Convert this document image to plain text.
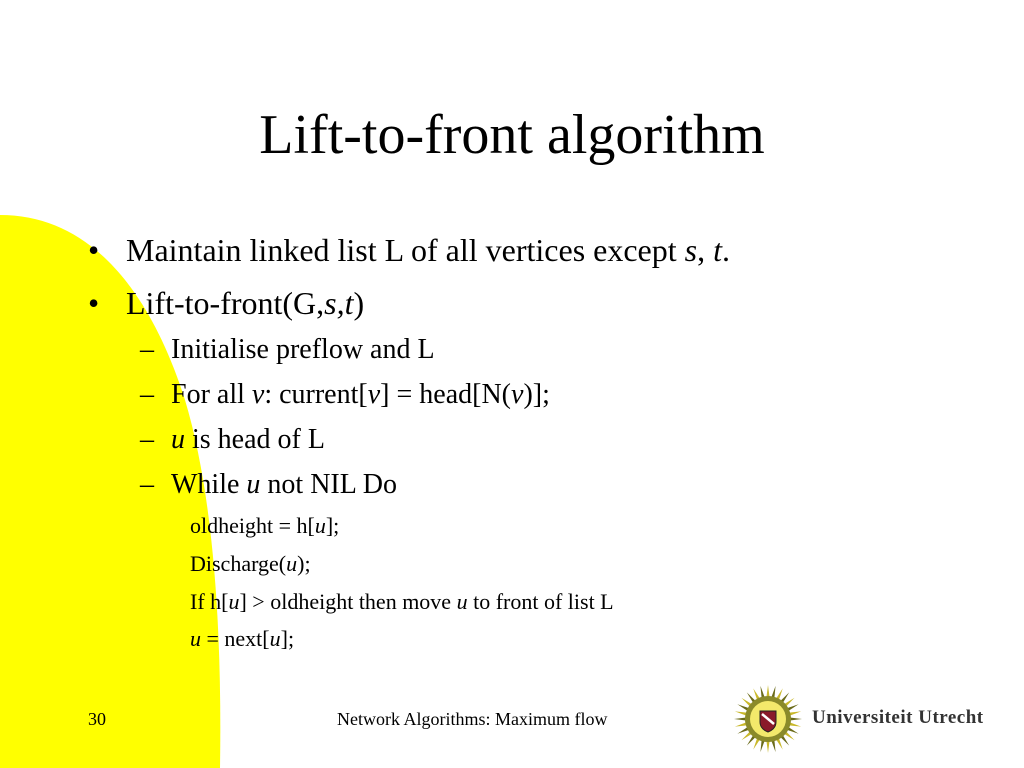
Lift-to-front algorithm
• Maintain linked list L of all vertices except s, t.
• Lift-to-front(G,s,t)
– Initialise preflow and L
– For all v: current[v] = head[N(v)];
– u is head of L
– While u not NIL Do
oldheight = h[u];
Discharge(u);
If h[u] > oldheight then move u to front of list L
u = next[u];
30	Network Algorithms: Maximum flow	Universiteit Utrecht
